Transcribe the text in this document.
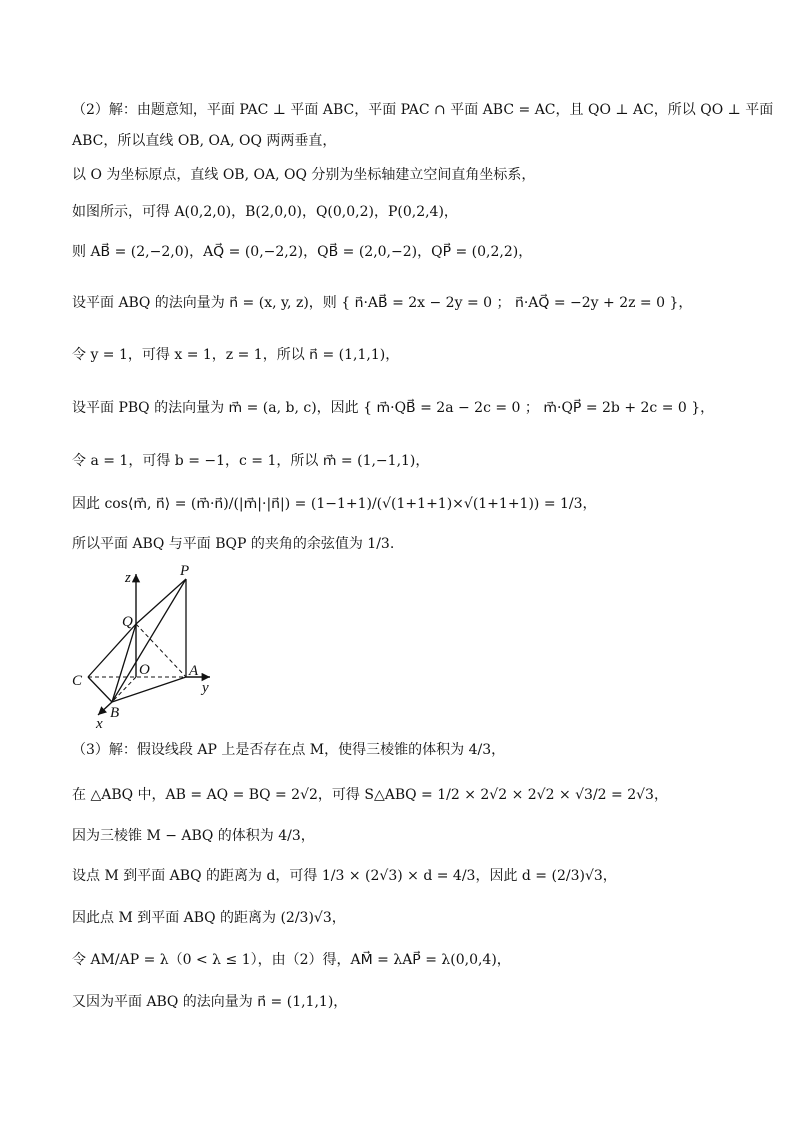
（2）解：由题意知，平面 PAC ⊥ 平面 ABC，平面 PAC ∩ 平面 ABC = AC，且 QO ⊥ AC，所以 QO ⊥ 平面
ABC，所以直线 OB, OA, OQ 两两垂直，
以 O 为坐标原点，直线 OB, OA, OQ 分别为坐标轴建立空间直角坐标系，
如图所示，可得 A(0,2,0)，B(2,0,0)，Q(0,0,2)，P(0,2,4)，
则 AB⃗ = (2,−2,0)，AQ⃗ = (0,−2,2)，QB⃗ = (2,0,−2)，QP⃗ = (0,2,2)，
设平面 ABQ 的法向量为 n⃗ = (x, y, z)，则 { n⃗·AB⃗ = 2x − 2y = 0 ； n⃗·AQ⃗ = −2y + 2z = 0 }，
令 y = 1，可得 x = 1，z = 1，所以 n⃗ = (1,1,1)，
设平面 PBQ 的法向量为 m⃗ = (a, b, c)，因此 { m⃗·QB⃗ = 2a − 2c = 0 ； m⃗·QP⃗ = 2b + 2c = 0 }，
令 a = 1，可得 b = −1，c = 1，所以 m⃗ = (1,−1,1)，
因此 cos⟨m⃗, n⃗⟩ = (m⃗·n⃗)/(|m⃗|·|n⃗|) = (1−1+1)/(√(1+1+1)×√(1+1+1)) = 1/3，
所以平面 ABQ 与平面 BQP 的夹角的余弦值为 1/3.
（3）解：假设线段 AP 上是否存在点 M，使得三棱锥的体积为 4/3，
在 △ABQ 中，AB = AQ = BQ = 2√2，可得 S△ABQ = 1/2 × 2√2 × 2√2 × √3/2 = 2√3，
因为三棱锥 M − ABQ 的体积为 4/3，
设点 M 到平面 ABQ 的距离为 d，可得 1/3 × (2√3) × d = 4/3，因此 d = (2/3)√3，
因此点 M 到平面 ABQ 的距离为 (2/3)√3，
令 AM/AP = λ（0 < λ ≤ 1），由（2）得，AM⃗ = λAP⃗ = λ(0,0,4)，
又因为平面 ABQ 的法向量为 n⃗ = (1,1,1)，
P
Q
O	A
C
B
x
y
z
